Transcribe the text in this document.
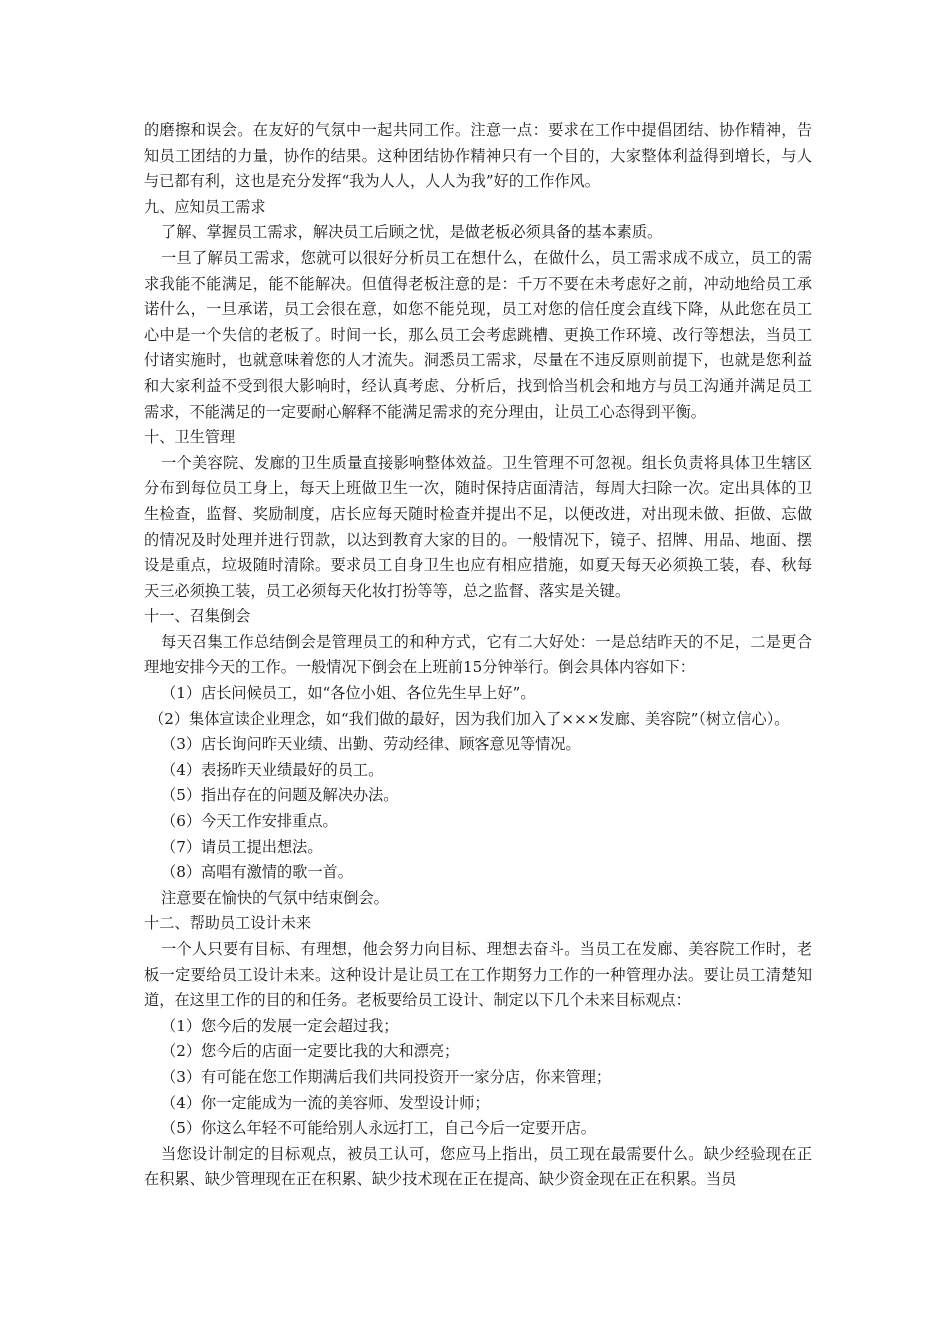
的磨擦和误会。在友好的气氛中一起共同工作。注意一点：要求在工作中提倡团结、协作精神，告知员工团结的力量，协作的结果。这种团结协作精神只有一个目的，大家整体利益得到增长，与人与已都有利，这也是充分发挥“我为人人，人人为我”好的工作作风。

九、应知员工需求

了解、掌握员工需求，解决员工后顾之忧，是做老板必须具备的基本素质。

一旦了解员工需求，您就可以很好分析员工在想什么，在做什么，员工需求成不成立，员工的需求我能不能满足，能不能解决。但值得老板注意的是：千万不要在未考虑好之前，冲动地给员工承诺什么，一旦承诺，员工会很在意，如您不能兑现，员工对您的信任度会直线下降，从此您在员工心中是一个失信的老板了。时间一长，那么员工会考虑跳槽、更换工作环境、改行等想法，当员工付诸实施时，也就意味着您的人才流失。洞悉员工需求，尽量在不违反原则前提下，也就是您利益和大家利益不受到很大影响时，经认真考虑、分析后，找到恰当机会和地方与员工沟通并满足员工需求，不能满足的一定要耐心解释不能满足需求的充分理由，让员工心态得到平衡。

十、卫生管理

一个美容院、发廊的卫生质量直接影响整体效益。卫生管理不可忽视。组长负责将具体卫生辖区分布到每位员工身上，每天上班做卫生一次，随时保持店面清洁，每周大扫除一次。定出具体的卫生检查，监督、奖励制度，店长应每天随时检查并提出不足，以便改进，对出现未做、拒做、忘做的情况及时处理并进行罚款，以达到教育大家的目的。一般情况下，镜子、招牌、用品、地面、摆设是重点，垃圾随时清除。要求员工自身卫生也应有相应措施，如夏天每天必须换工装，春、秋每天三必须换工装，员工必须每天化妆打扮等等，总之监督、落实是关键。

十一、召集倒会

每天召集工作总结倒会是管理员工的和种方式，它有二大好处：一是总结昨天的不足，二是更合理地安排今天的工作。一般情况下倒会在上班前15分钟举行。倒会具体内容如下：

（1）店长问候员工，如“各位小姐、各位先生早上好”。

（2）集体宣读企业理念，如“我们做的最好，因为我们加入了×××发廊、美容院”（树立信心）。

（3）店长询问昨天业绩、出勤、劳动经律、顾客意见等情况。

（4）表扬昨天业绩最好的员工。

（5）指出存在的问题及解决办法。

（6）今天工作安排重点。

（7）请员工提出想法。

（8）高唱有激情的歌一首。

注意要在愉快的气氛中结束倒会。

十二、帮助员工设计未来

一个人只要有目标、有理想，他会努力向目标、理想去奋斗。当员工在发廊、美容院工作时，老板一定要给员工设计未来。这种设计是让员工在工作期努力工作的一种管理办法。要让员工清楚知道，在这里工作的目的和任务。老板要给员工设计、制定以下几个未来目标观点：

（1）您今后的发展一定会超过我；

（2）您今后的店面一定要比我的大和漂亮；

（3）有可能在您工作期满后我们共同投资开一家分店，你来管理；

（4）你一定能成为一流的美容师、发型设计师；

（5）你这么年轻不可能给别人永远打工，自己今后一定要开店。

当您设计制定的目标观点，被员工认可，您应马上指出，员工现在最需要什么。缺少经验现在正在积累、缺少管理现在正在积累、缺少技术现在正在提高、缺少资金现在正在积累。当员
